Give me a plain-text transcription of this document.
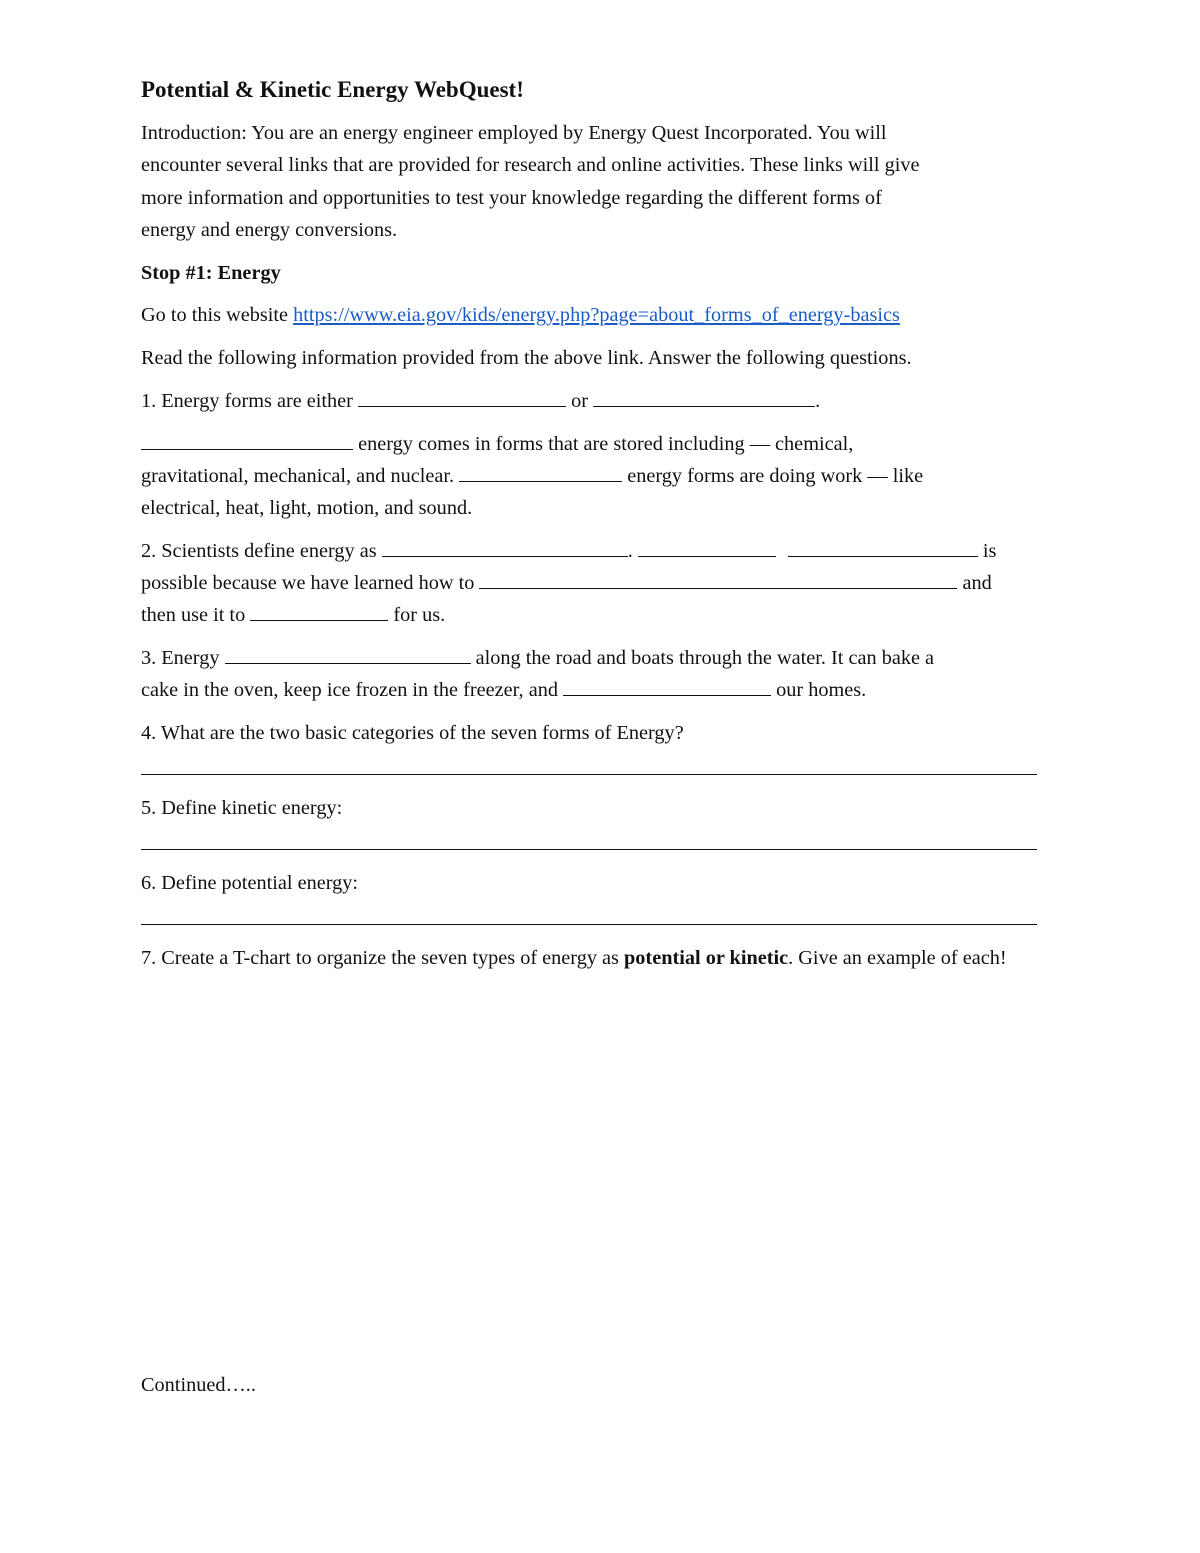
Potential & Kinetic Energy WebQuest!
Introduction: You are an energy engineer employed by Energy Quest Incorporated. You will
encounter several links that are provided for research and online activities. These links will give
more information and opportunities to test your knowledge regarding the different forms of
energy and energy conversions.
Stop #1: Energy
Go to this website https://www.eia.gov/kids/energy.php?page=about_forms_of_energy-basics
Read the following information provided from the above link. Answer the following questions.
1. Energy forms are either	or	.
energy comes in forms that are stored including — chemical,
gravitational, mechanical, and nuclear.	energy forms are doing work — like
electrical, heat, light, motion, and sound.
2. Scientists define energy as	.	is
possible because we have learned how to	and
then use it to	for us.
3. Energy	along the road and boats through the water. It can bake a
cake in the oven, keep ice frozen in the freezer, and	our homes.
4. What are the two basic categories of the seven forms of Energy?
5. Define kinetic energy:
6. Define potential energy:
7. Create a T-chart to organize the seven types of energy as potential or kinetic. Give an example of each!
Continued…..
